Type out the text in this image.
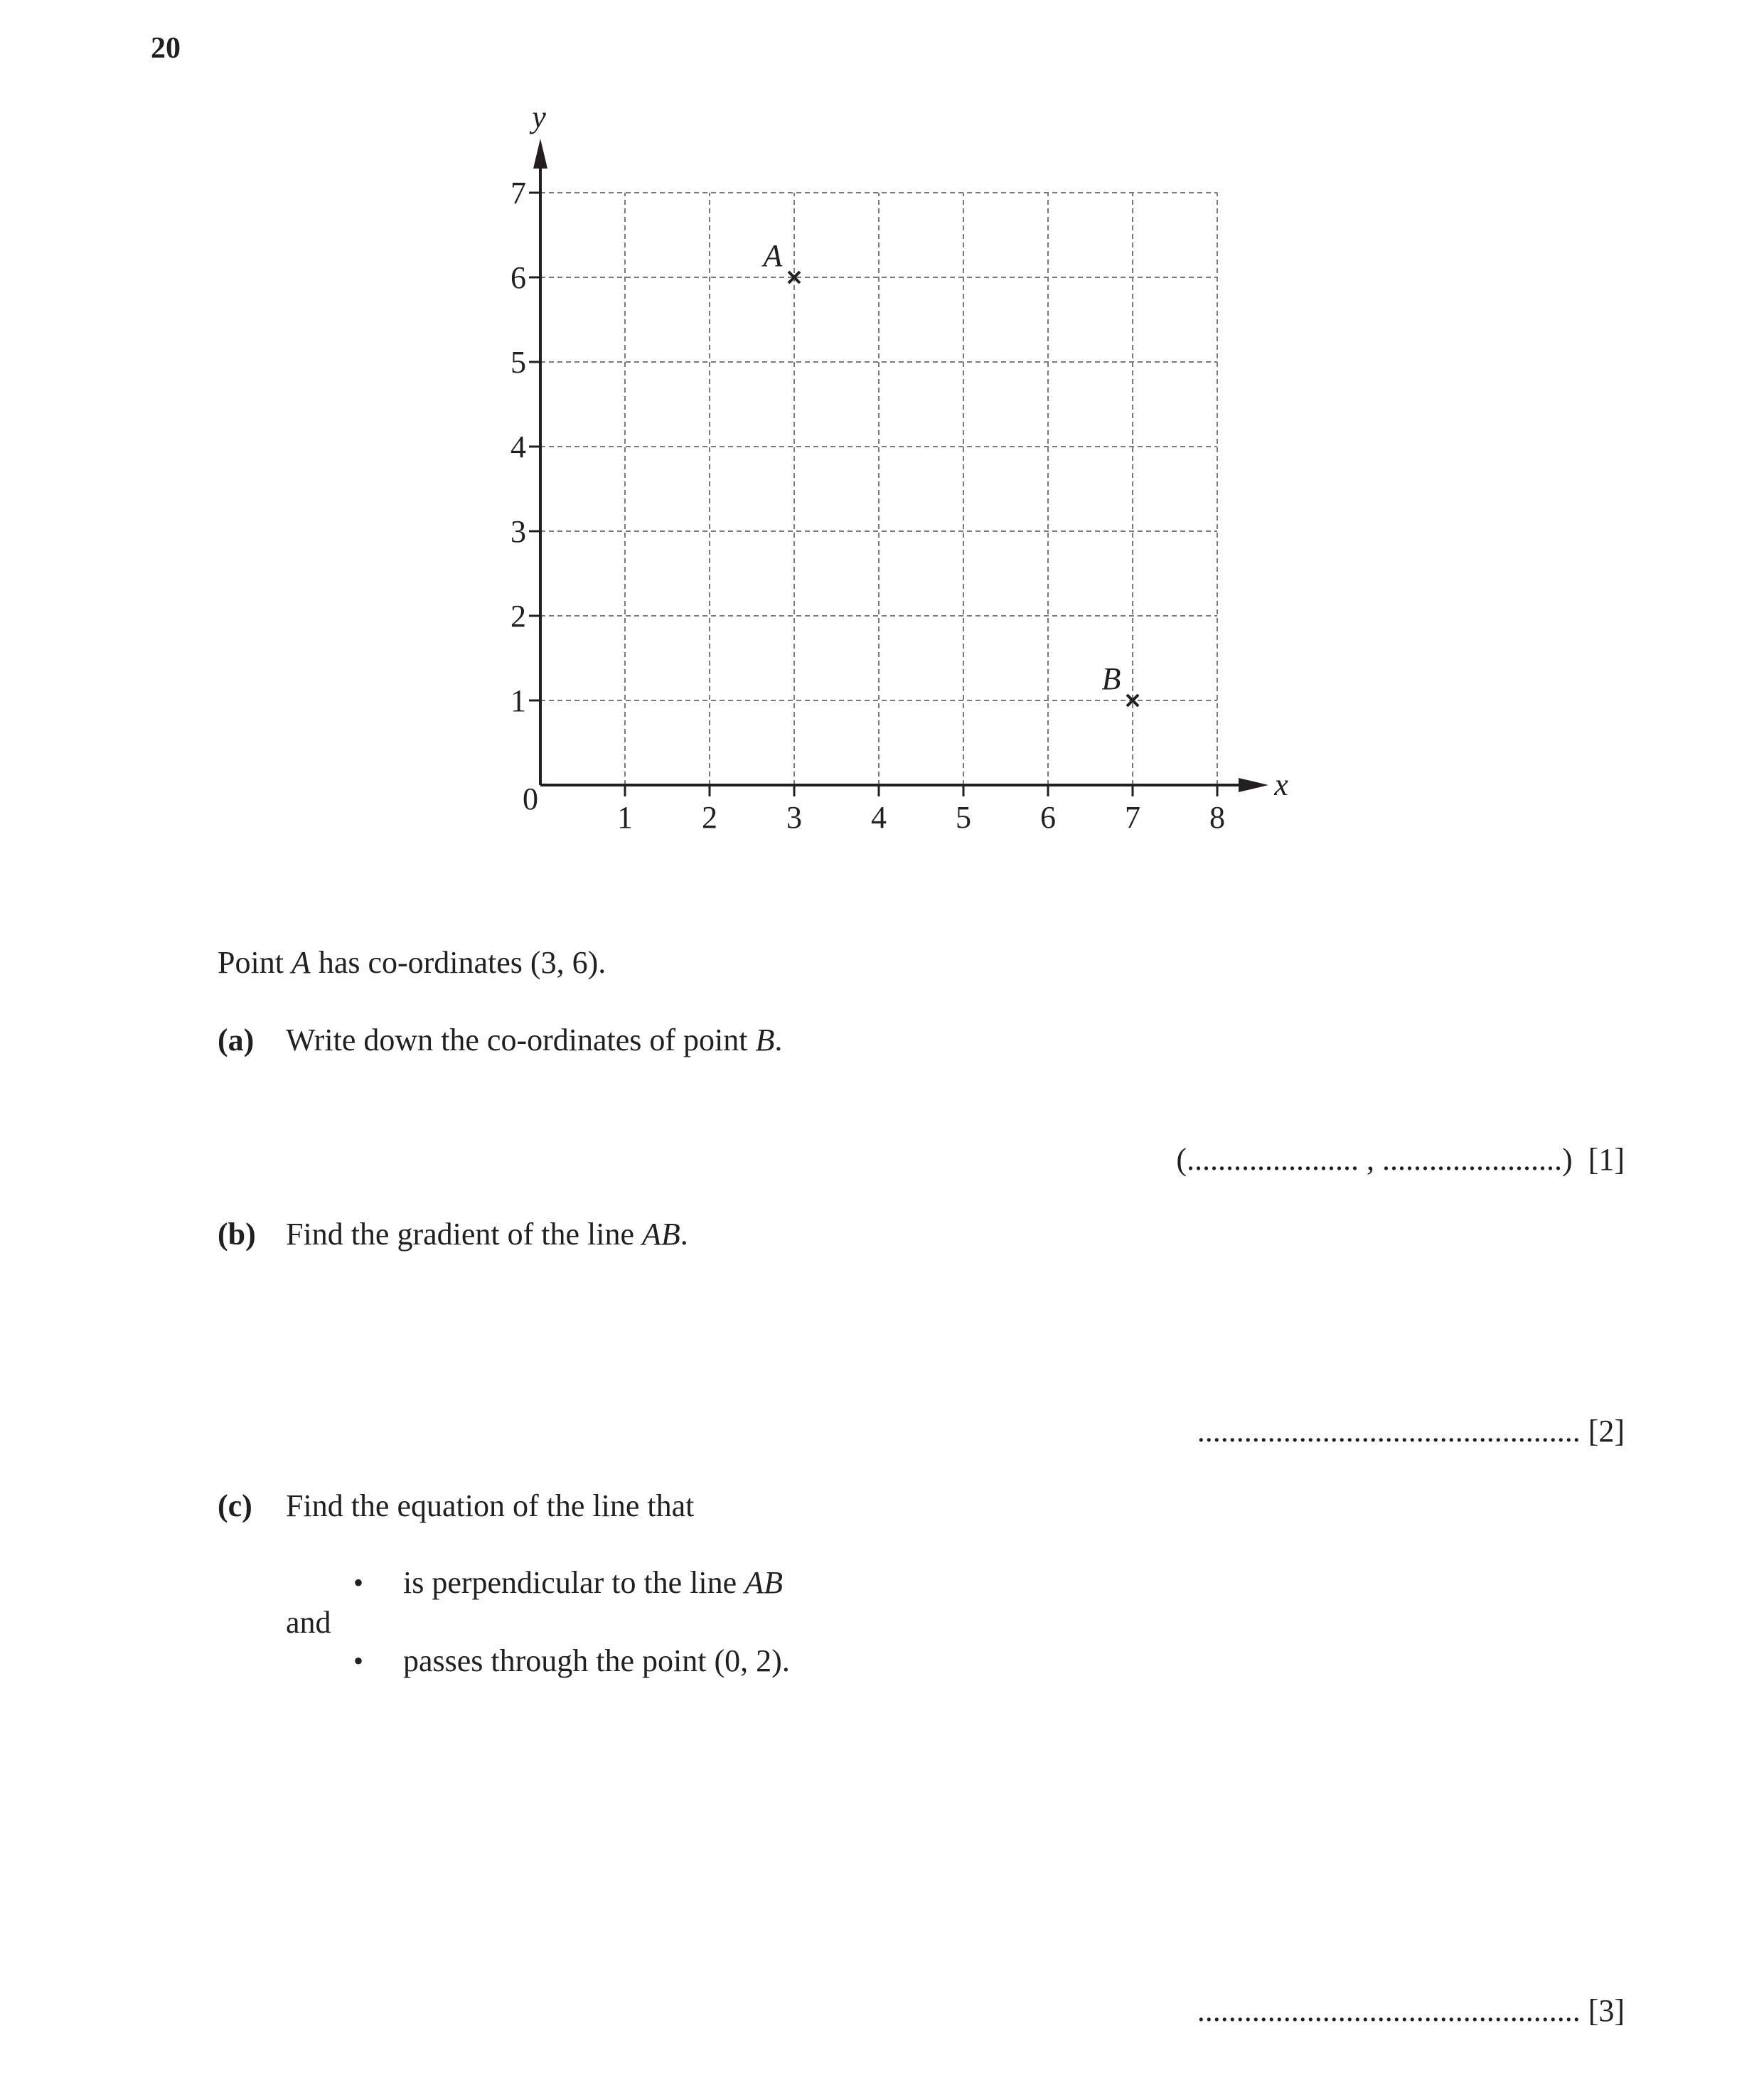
20
x
y
0
1 2 3 4 5 6 7 8
1
2
3
4
5
6
7
A
B
Point A has co-ordinates (3, 6).
(a) Write down the co-ordinates of point B.
(...................... , .......................) [1]
(b) Find the gradient of the line AB.
................................................. [2]
(c) Find the equation of the line that
• is perpendicular to the line AB
and
• passes through the point (0, 2).
................................................. [3]
